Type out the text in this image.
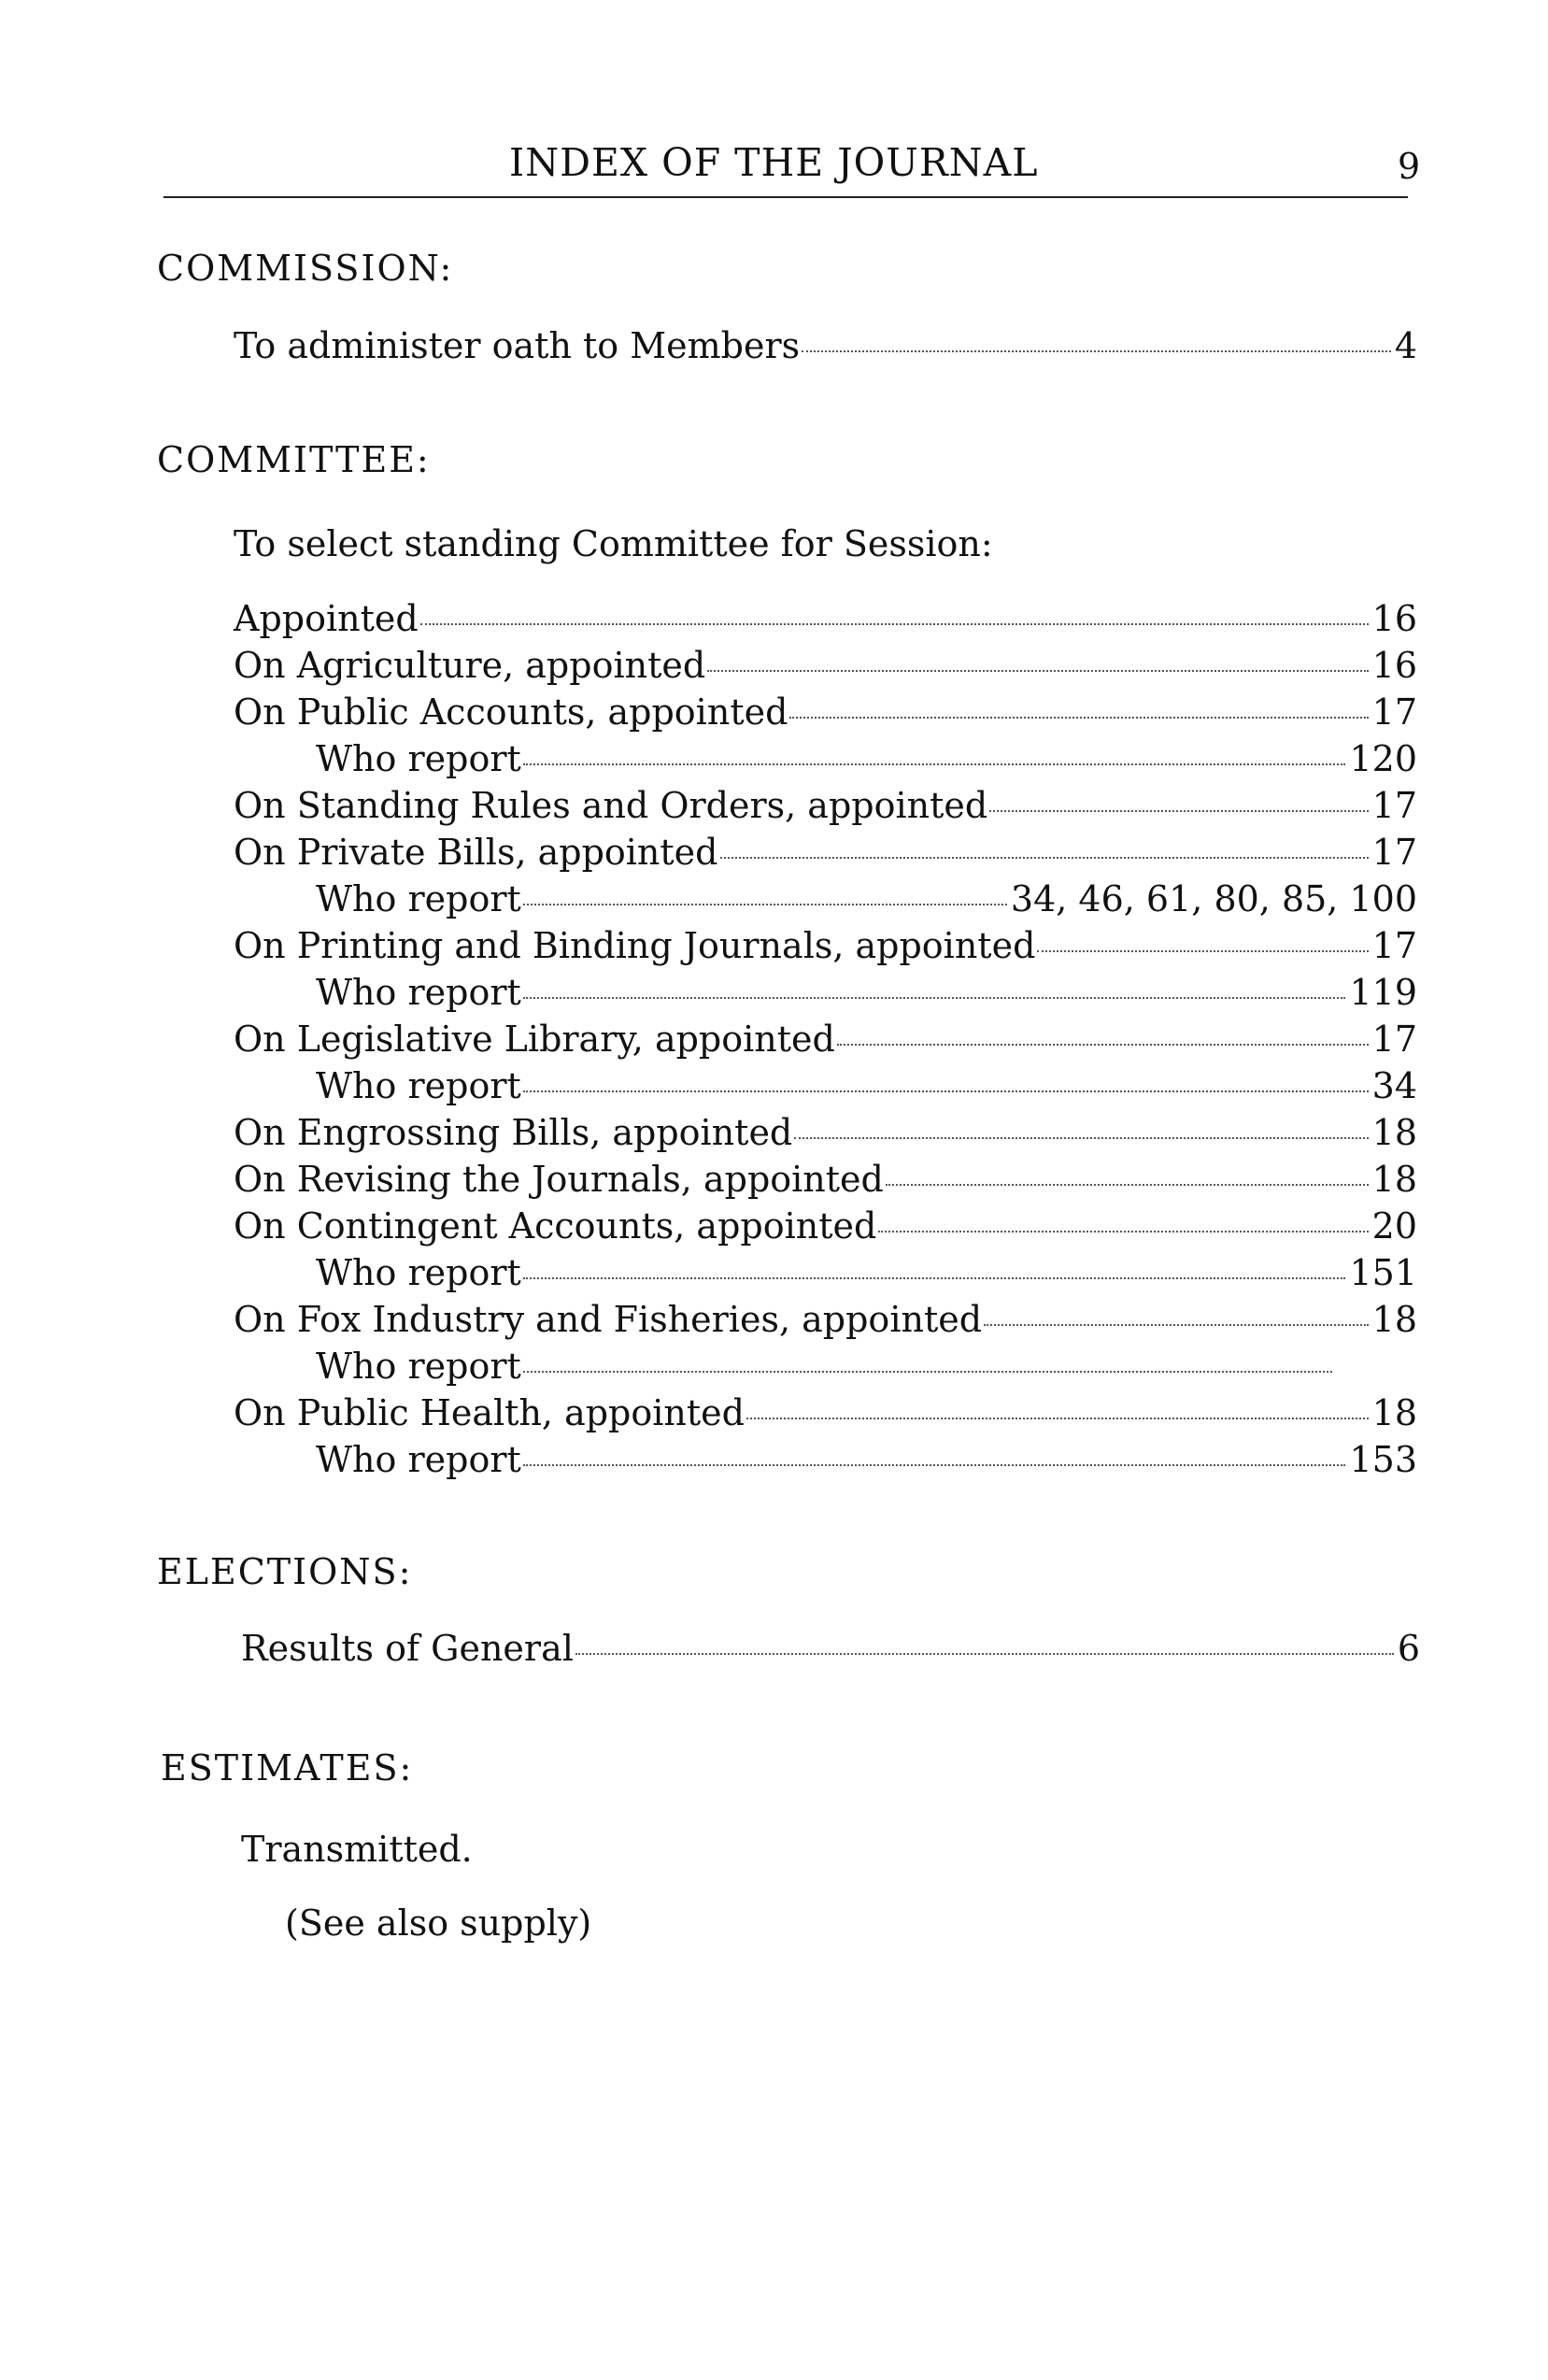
INDEX OF THE JOURNAL	9
COMMISSION:
To administer oath to Members	4
COMMITTEE:
To select standing Committee for Session:
Appointed	16
On Agriculture, appointed	16
On Public Accounts, appointed	17
Who report	120
On Standing Rules and Orders, appointed	17
On Private Bills, appointed	17
Who report	34, 46, 61, 80, 85, 100
On Printing and Binding Journals, appointed	17
Who report	119
On Legislative Library, appointed	17
Who report	34
On Engrossing Bills, appointed	18
On Revising the Journals, appointed	18
On Contingent Accounts, appointed	20
Who report	151
On Fox Industry and Fisheries, appointed	18
Who report
On Public Health, appointed	18
Who report	153
ELECTIONS:
Results of General	6
ESTIMATES:
Transmitted.
(See also supply)
